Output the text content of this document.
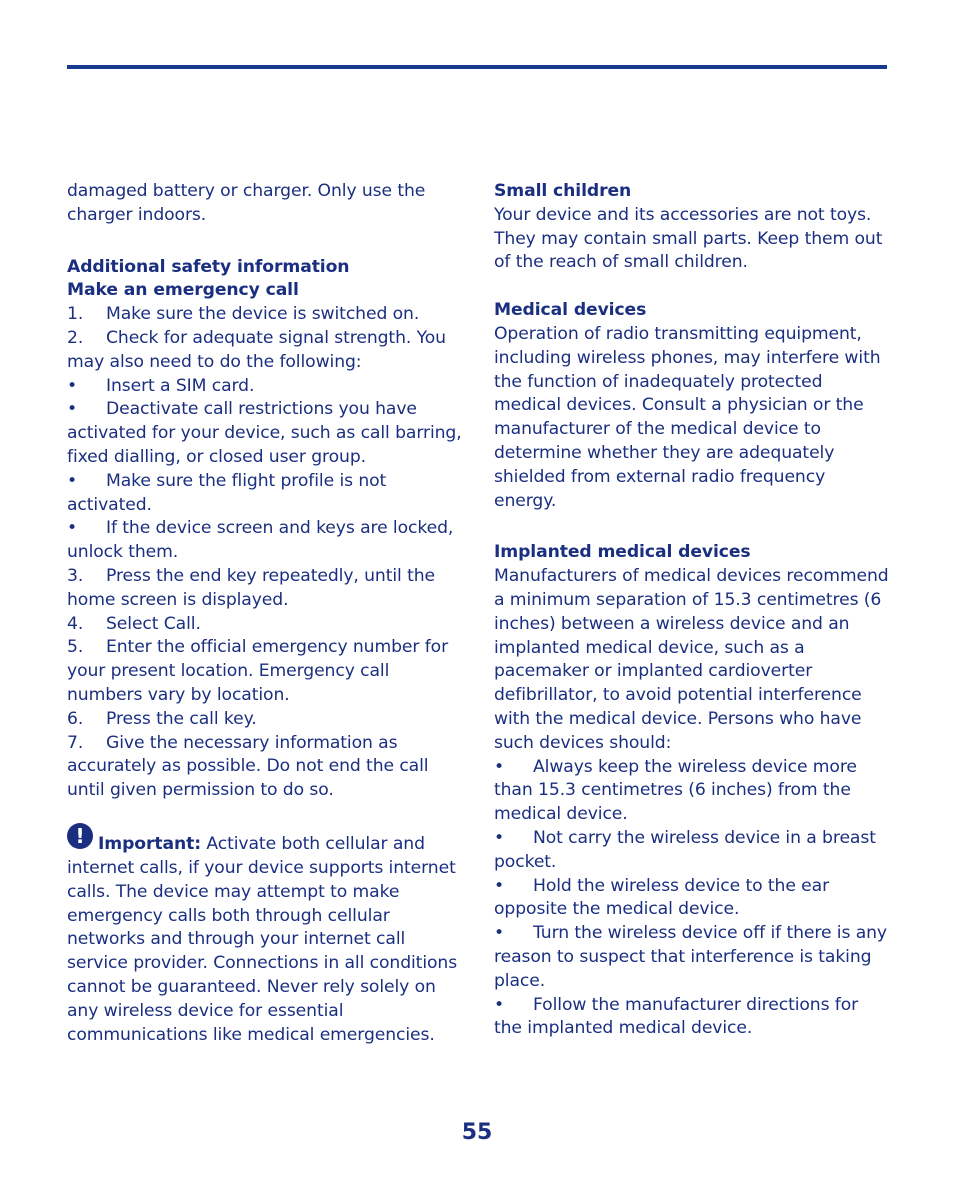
damaged battery or charger. Only use the charger indoors.

Additional safety information

Make an emergency call

1. Make sure the device is switched on.

2. Check for adequate signal strength. You may also need to do the following:

• Insert a SIM card.

• Deactivate call restrictions you have activated for your device, such as call barring, fixed dialling, or closed user group.

• Make sure the flight profile is not activated.

• If the device screen and keys are locked, unlock them.

3. Press the end key repeatedly, until the home screen is displayed.

4. Select Call.

5. Enter the official emergency number for your present location. Emergency call numbers vary by location.

6. Press the call key.

7. Give the necessary information as accurately as possible. Do not end the call until given permission to do so.

! Important: Activate both cellular and internet calls, if your device supports internet calls. The device may attempt to make emergency calls both through cellular networks and through your internet call service provider. Connections in all conditions cannot be guaranteed. Never rely solely on any wireless device for essential communications like medical emergencies.

Small children

Your device and its accessories are not toys. They may contain small parts. Keep them out of the reach of small children.

Medical devices

Operation of radio transmitting equipment, including wireless phones, may interfere with the function of inadequately protected medical devices. Consult a physician or the manufacturer of the medical device to determine whether they are adequately shielded from external radio frequency energy.

Implanted medical devices

Manufacturers of medical devices recommend a minimum separation of 15.3 centimetres (6 inches) between a wireless device and an implanted medical device, such as a pacemaker or implanted cardioverter defibrillator, to avoid potential interference with the medical device. Persons who have such devices should:

• Always keep the wireless device more than 15.3 centimetres (6 inches) from the medical device.

• Not carry the wireless device in a breast pocket.

• Hold the wireless device to the ear opposite the medical device.

• Turn the wireless device off if there is any reason to suspect that interference is taking place.

• Follow the manufacturer directions for the implanted medical device.

55
